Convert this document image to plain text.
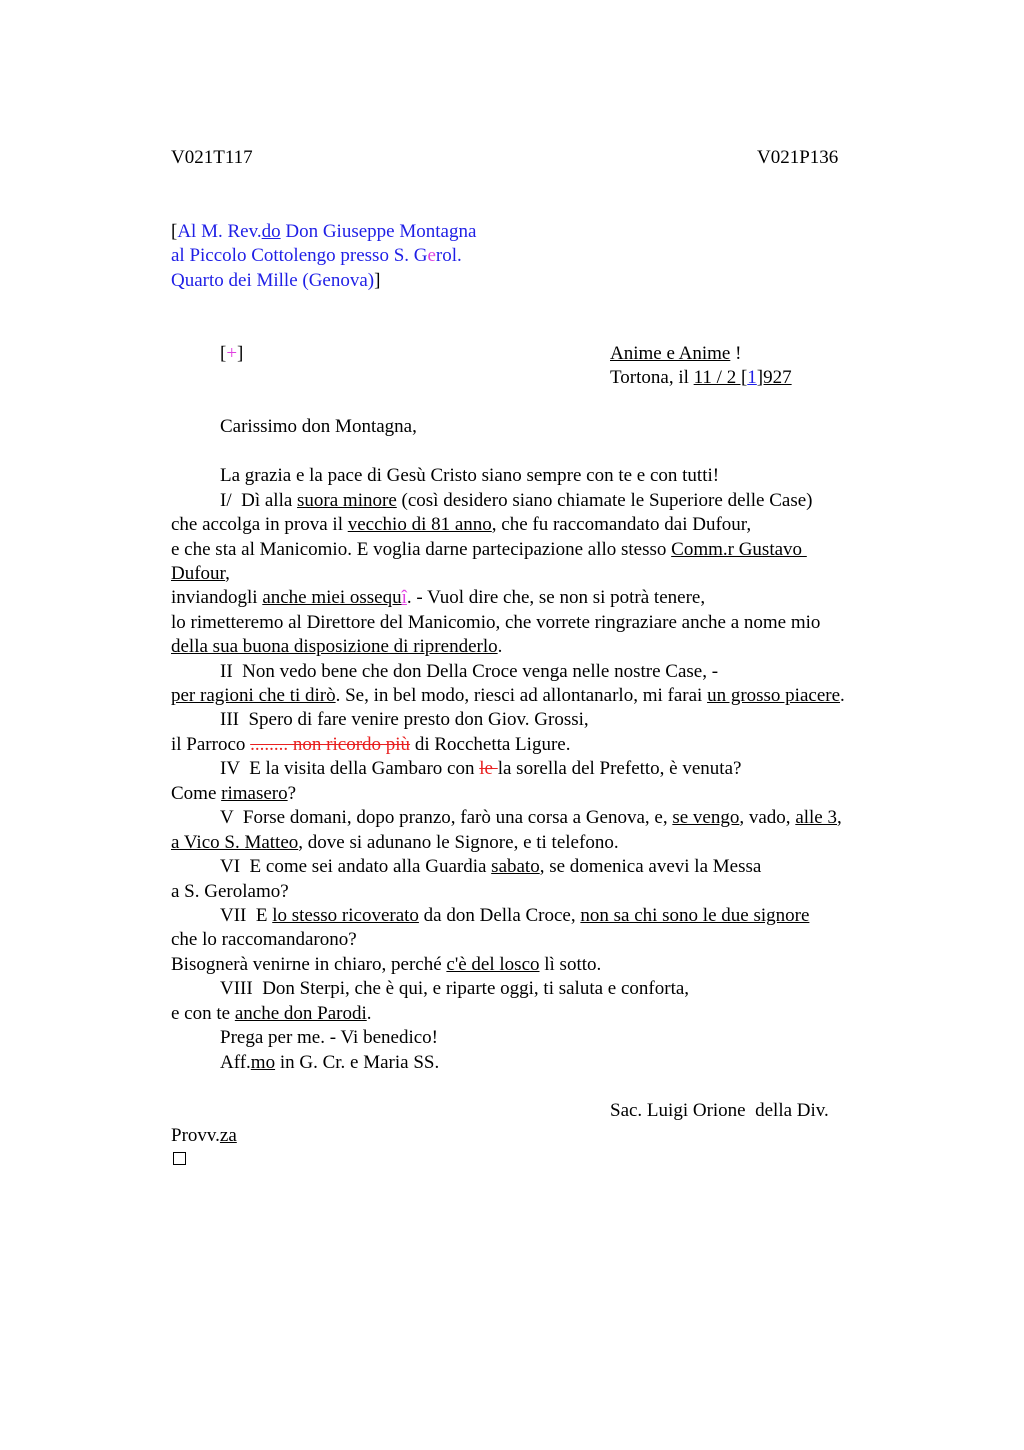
V021T117	V021P136
[Al M. Rev.do Don Giuseppe Montagna
al Piccolo Cottolengo presso S. Gerol.
Quarto dei Mille (Genova)]
[+]	Anime e Anime !
Tortona, il 11 / 2 [1]927
Carissimo don Montagna,
La grazia e la pace di Gesù Cristo siano sempre con te e con tutti!
I/  Dì alla suora minore (così desidero siano chiamate le Superiore delle Case)
che accolga in prova il vecchio di 81 anno, che fu raccomandato dai Dufour,
e che sta al Manicomio. E voglia darne partecipazione allo stesso Comm.r Gustavo
Dufour,
inviandogli anche miei ossequî. - Vuol dire che, se non si potrà tenere,
lo rimetteremo al Direttore del Manicomio, che vorrete ringraziare anche a nome mio
della sua buona disposizione di riprenderlo.
II  Non vedo bene che don Della Croce venga nelle nostre Case, -
per ragioni che ti dirò. Se, in bel modo, riesci ad allontanarlo, mi farai un grosso piacere.
III  Spero di fare venire presto don Giov. Grossi,
il Parroco ........ non ricordo più di Rocchetta Ligure.
IV  E la visita della Gambaro con le la sorella del Prefetto, è venuta?
Come rimasero?
V  Forse domani, dopo pranzo, farò una corsa a Genova, e, se vengo, vado, alle 3,
a Vico S. Matteo, dove si adunano le Signore, e ti telefono.
VI  E come sei andato alla Guardia sabato, se domenica avevi la Messa
a S. Gerolamo?
VII  E lo stesso ricoverato da don Della Croce, non sa chi sono le due signore
che lo raccomandarono?
Bisognerà venirne in chiaro, perché c'è del losco lì sotto.
VIII  Don Sterpi, che è qui, e riparte oggi, ti saluta e conforta,
e con te anche don Parodi.
Prega per me. - Vi benedico!
Aff.mo in G. Cr. e Maria SS.
Sac. Luigi Orione  della Div.
Provv.za
